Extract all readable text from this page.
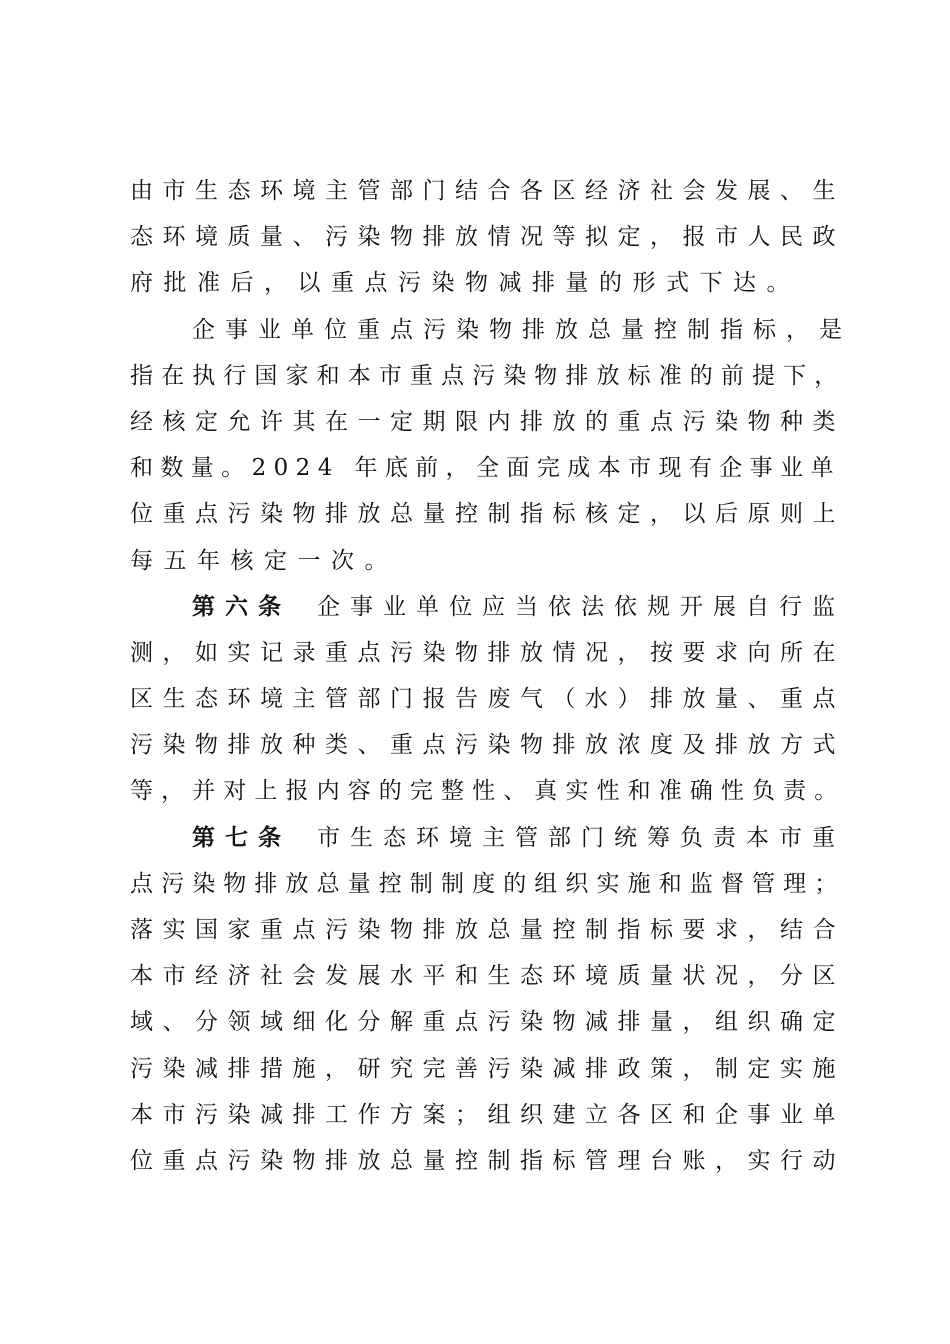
由市生态环境主管部门结合各区经济社会发展、生
态环境质量、污染物排放情况等拟定，报市人民政
府批准后，以重点污染物减排量的形式下达。
企事业单位重点污染物排放总量控制指标，是
指在执行国家和本市重点污染物排放标准的前提下，
经核定允许其在一定期限内排放的重点污染物种类
和数量。2024 年底前，全面完成本市现有企事业单
位重点污染物排放总量控制指标核定，以后原则上
每五年核定一次。
第六条 企事业单位应当依法依规开展自行监
测，如实记录重点污染物排放情况，按要求向所在
区生态环境主管部门报告废气（水）排放量、重点
污染物排放种类、重点污染物排放浓度及排放方式
等，并对上报内容的完整性、真实性和准确性负责。
第七条 市生态环境主管部门统筹负责本市重
点污染物排放总量控制制度的组织实施和监督管理；
落实国家重点污染物排放总量控制指标要求，结合
本市经济社会发展水平和生态环境质量状况，分区
域、分领域细化分解重点污染物减排量，组织确定
污染减排措施，研究完善污染减排政策，制定实施
本市污染减排工作方案；组织建立各区和企事业单
位重点污染物排放总量控制指标管理台账，实行动
